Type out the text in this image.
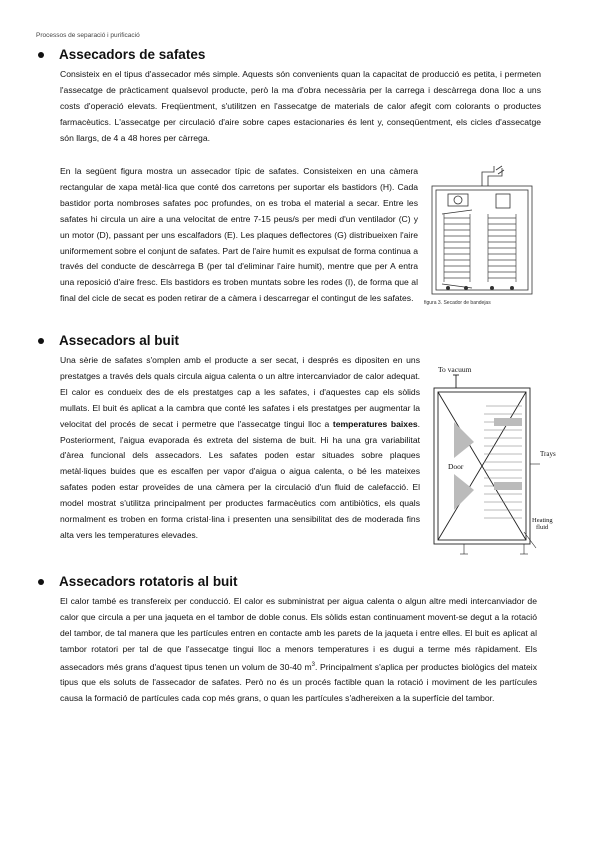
Processos de separació i purificació
Assecadors de safates

Consisteix en el tipus d'assecador més simple. Aquests són convenients quan la capacitat de producció es petita, i permeten l'assecatge de pràcticament qualsevol producte, però la ma d'obra necessària per la carrega i descàrrega dona lloc a uns costs d'operació elevats. Freqüentment, s'utilitzen en l'assecatge de materials de calor afegit com colorants o productes farmacèutics. L'assecatge per circulació d'aire sobre capes estacionaries és lent y, conseqüentment, els cicles d'assecatge són llargs, de 4 a 48 hores per càrrega.

En la següent figura mostra un assecador típic de safates. Consisteixen en una càmera rectangular de xapa metàl·lica que conté dos carretons per suportar els bastidors (H). Cada bastidor porta nombroses safates poc profundes, on es troba el material a secar. Entre les safates hi circula un aire a una velocitat de entre 7-15 peus/s per medi d'un ventilador (C) y un motor (D), passant per uns escalfadors (E). Les plaques deflectores (G) distribueixen l'aire uniformement sobre el conjunt de safates. Part de l'aire humit es expulsat de forma continua a través del conducte de descàrrega B (per tal d'eliminar l'aire humit), mentre que per A entra una reposició d'aire fresc. Els bastidors es troben muntats sobre les rodes (I), de forma que al final del cicle de secat es poden retirar de a càmera i descarregar el contingut de les safates.	figura 3. Secador de bandejas
Assecadors al buit

Una sèrie de safates s'omplen amb el producte a ser secat, i després es dipositen en uns prestatges a través dels quals circula aigua calenta o un altre intercanviador de calor adequat. El calor es condueix des de els prestatges cap a les safates, i d'aquestes cap els sòlids mullats. El buit és aplicat a la cambra que conté les safates i els prestatges per augmentar la velocitat del procés de secat i permetre que l'assecatge tingui lloc a temperatures baixes. Posteriorment, l'aigua evaporada és extreta del sistema de buit. Hi ha una gra variabilitat d'àrea funcional dels assecadors. Les safates poden estar situades sobre plaques metàl·liques buides que es escalfen per vapor d'aigua o aigua calenta, o bé les mateixes safates poden estar proveïdes de una càmera per la circulació d'un fluid de calefacció. El model mostrat s'utilitza principalment per productes farmacèutics com antibiòtics, els quals normalment es troben en forma cristal·lina i presenten una sensibilitat des de moderada fins alta vers les temperatures elevades.

To vacuum
Door
Trays
Heating
fluid
Assecadors rotatoris al buit

El calor també es transfereix per conducció. El calor es subministrat per aigua calenta o algun altre medi intercanviador de calor que circula a per una jaqueta en el tambor de doble conus. Els sòlids estan continuament movent-se degut a la rotació del tambor, de tal manera que les partícules entren en contacte amb les parets de la jaqueta i entre elles. El buit es aplicat al tambor rotatori per tal de que l'assecatge tingui lloc a menors temperatures i es dugui a terme més ràpidament. Els assecadors més grans d'aquest tipus tenen un volum de 30-40 $m^3$. Principalment s'aplica per productes biològics del mateix tipus que els soluts de l'assecador de safates. Però no és un procés factible quan la rotació i moviment de les partícules causa la formació de partícules cada cop més grans, o quan les partícules s'adhereixen a la superfície del tambor.
